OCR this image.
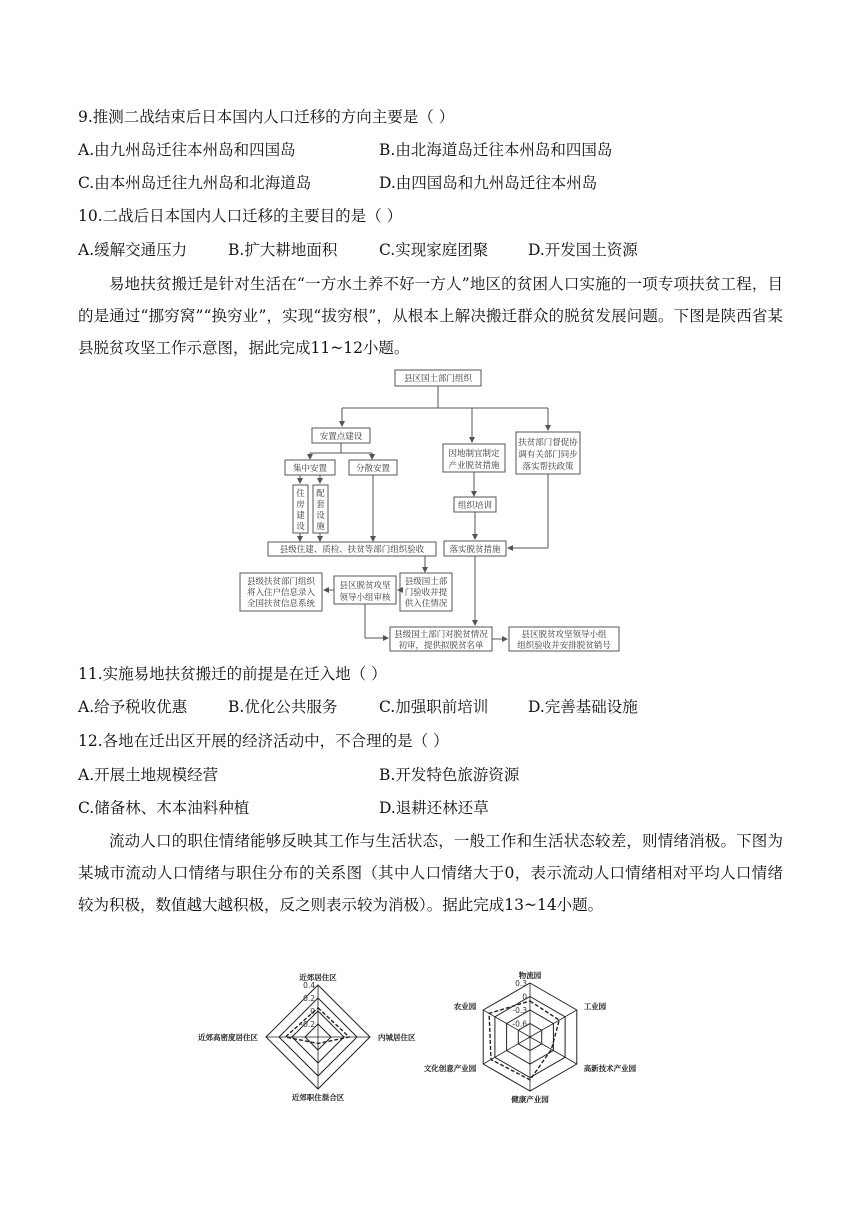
9.推测二战结束后日本国内人口迁移的方向主要是（ ）
A.由九州岛迁往本州岛和四国岛	B.由北海道岛迁往本州岛和四国岛
C.由本州岛迁往九州岛和北海道岛	D.由四国岛和九州岛迁往本州岛
10.二战后日本国内人口迁移的主要目的是（ ）
A.缓解交通压力	B.扩大耕地面积	C.实现家庭团聚	D.开发国土资源
易地扶贫搬迁是针对生活在“一方水土养不好一方人”地区的贫困人口实施的一项专项扶贫工程，目的是通过“挪穷窝”“换穷业”，实现“拔穷根”，从根本上解决搬迁群众的脱贫发展问题。下图是陕西省某县脱贫攻坚工作示意图，据此完成11~12小题。
县区国土部门组织
安置点建设
集中安置	分散安置
住
房
建
设
配
套
设
施
因地制宜制定
产业脱贫措施
扶贫部门督促协
调有关部门同步
落实帮扶政策
组织培训
落实脱贫措施
县级住建、质检、扶贫等部门组织验收
县级扶贫部门组织
将入住户信息录入
全国扶贫信息系统
县区脱贫攻坚
领导小组审核
县级国土部
门验收并提
供入住情况
县级国土部门对脱贫情况
初审，提供拟脱贫名单
县区脱贫攻坚领导小组
组织验收并安排脱贫销号
11.实施易地扶贫搬迁的前提是在迁入地（ ）
A.给予税收优惠	B.优化公共服务	C.加强职前培训	D.完善基础设施
12.各地在迁出区开展的经济活动中，不合理的是（ ）
A.开展土地规模经营	B.开发特色旅游资源
C.储备林、木本油料种植	D.退耕还林还草
流动人口的职住情绪能够反映其工作与生活状态，一般工作和生活状态较差，则情绪消极。下图为某城市流动人口情绪与职住分布的关系图（其中人口情绪大于0，表示流动人口情绪相对平均人口情绪较为积极，数值越大越积极，反之则表示较为消极）。据此完成13~14小题。
0.4
0.2
0
-0.2
近郊居住区
内城居住区
近郊职住混合区
近郊高密度居住区
0.3
0
-0.3
-0.6
物流园
工业园
高新技术产业园
健康产业园
文化创意产业园
农业园
